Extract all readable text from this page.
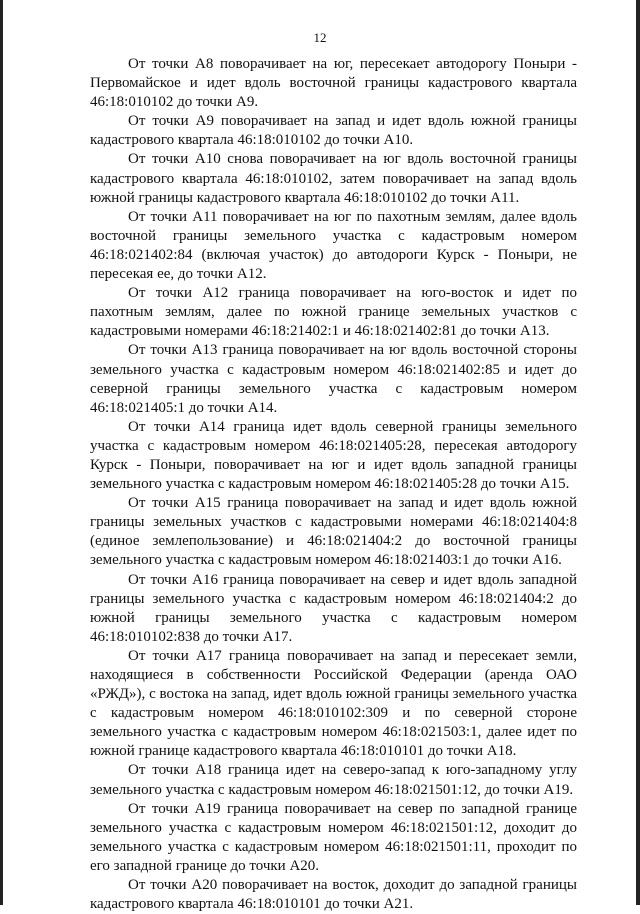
12

От точки А8 поворачивает на юг, пересекает автодорогу Поныри - Первомайское и идет вдоль восточной границы кадастрового квартала 46:18:010102 до точки А9.

От точки А9 поворачивает на запад и идет вдоль южной границы кадастрового квартала 46:18:010102 до точки А10.

От точки А10 снова поворачивает на юг вдоль восточной границы кадастрового квартала 46:18:010102, затем поворачивает на запад вдоль южной границы кадастрового квартала 46:18:010102 до точки А11.

От точки А11 поворачивает на юг по пахотным землям, далее вдоль восточной границы земельного участка с кадастровым номером 46:18:021402:84 (включая участок) до автодороги Курск - Поныри, не пересекая ее, до точки А12.

От точки А12 граница поворачивает на юго-восток и идет по пахотным землям, далее по южной границе земельных участков с кадастровыми номерами 46:18:21402:1 и 46:18:021402:81 до точки А13.

От точки А13 граница поворачивает на юг вдоль восточной стороны земельного участка с кадастровым номером 46:18:021402:85 и идет до северной границы земельного участка с кадастровым номером 46:18:021405:1 до точки А14.

От точки А14 граница идет вдоль северной границы земельного участка с кадастровым номером 46:18:021405:28, пересекая автодорогу Курск - Поныри, поворачивает на юг и идет вдоль западной границы земельного участка с кадастровым номером 46:18:021405:28 до точки А15.

От точки А15 граница поворачивает на запад и идет вдоль южной границы земельных участков с кадастровыми номерами 46:18:021404:8 (единое землепользование) и 46:18:021404:2 до восточной границы земельного участка с кадастровым номером 46:18:021403:1 до точки А16.

От точки А16 граница поворачивает на север и идет вдоль западной границы земельного участка с кадастровым номером 46:18:021404:2 до южной границы земельного участка с кадастровым номером 46:18:010102:838 до точки А17.

От точки А17 граница поворачивает на запад и пересекает земли, находящиеся в собственности Российской Федерации (аренда ОАО «РЖД»), с востока на запад, идет вдоль южной границы земельного участка с кадастровым номером 46:18:010102:309 и по северной стороне земельного участка с кадастровым номером 46:18:021503:1, далее идет по южной границе кадастрового квартала 46:18:010101 до точки А18.

От точки А18 граница идет на северо-запад к юго-западному углу земельного участка с кадастровым номером 46:18:021501:12, до точки А19.

От точки А19 граница поворачивает на север по западной границе земельного участка с кадастровым номером 46:18:021501:12, доходит до земельного участка с кадастровым номером 46:18:021501:11, проходит по его западной границе до точки А20.

От точки А20 поворачивает на восток, доходит до западной границы кадастрового квартала 46:18:010101 до точки А21.
